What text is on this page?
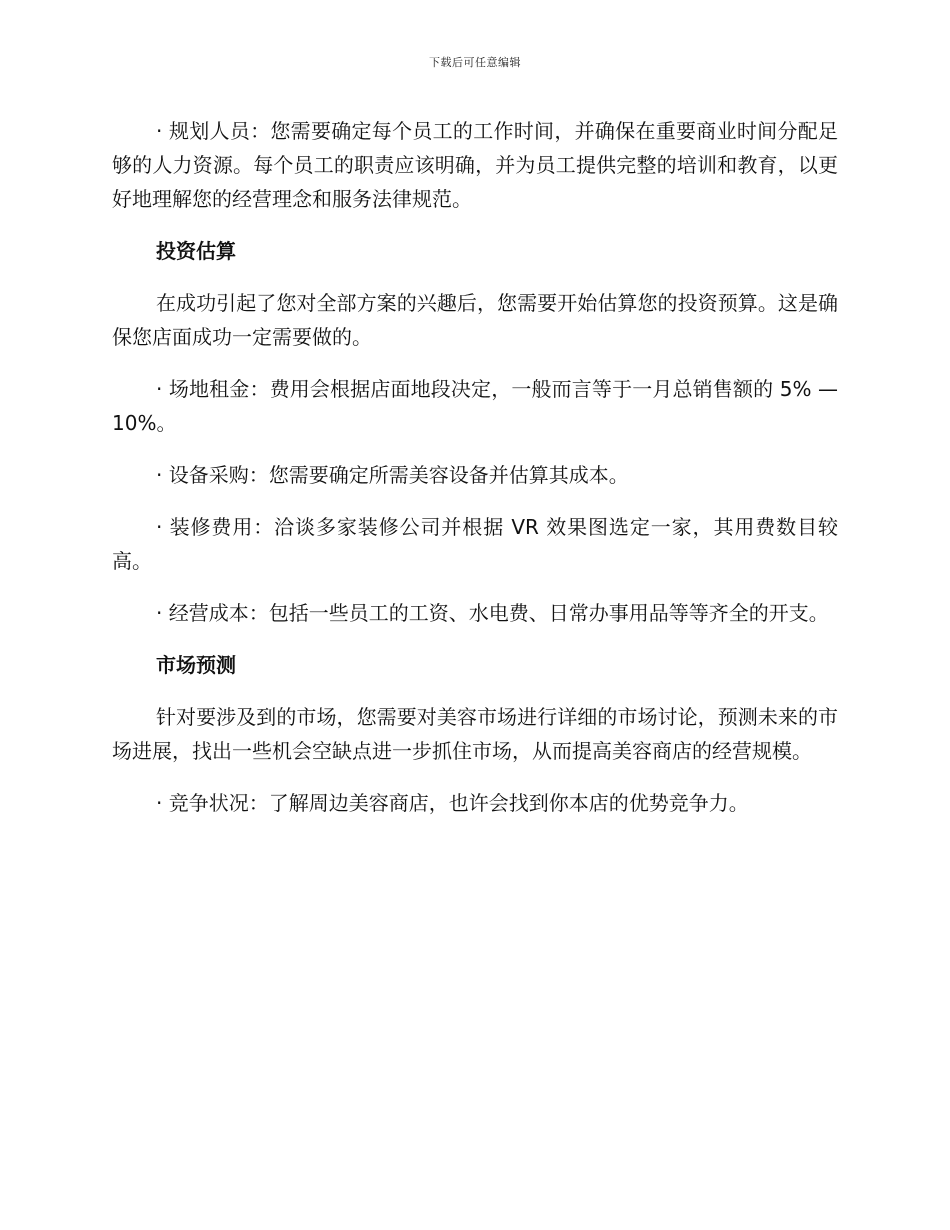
下载后可任意编辑

· 规划人员：您需要确定每个员工的工作时间，并确保在重要商业时间分配足够的人力资源。每个员工的职责应该明确，并为员工提供完整的培训和教育，以更好地理解您的经营理念和服务法律规范。

投资估算

在成功引起了您对全部方案的兴趣后，您需要开始估算您的投资预算。这是确保您店面成功一定需要做的。

· 场地租金：费用会根据店面地段决定，一般而言等于一月总销售额的 5% — 10%。

· 设备采购：您需要确定所需美容设备并估算其成本。

· 装修费用：洽谈多家装修公司并根据 VR 效果图选定一家，其用费数目较高。

· 经营成本：包括一些员工的工资、水电费、日常办事用品等等齐全的开支。

市场预测

针对要涉及到的市场，您需要对美容市场进行详细的市场讨论，预测未来的市场进展，找出一些机会空缺点进一步抓住市场，从而提高美容商店的经营规模。

· 竞争状况：了解周边美容商店，也许会找到你本店的优势竞争力。
